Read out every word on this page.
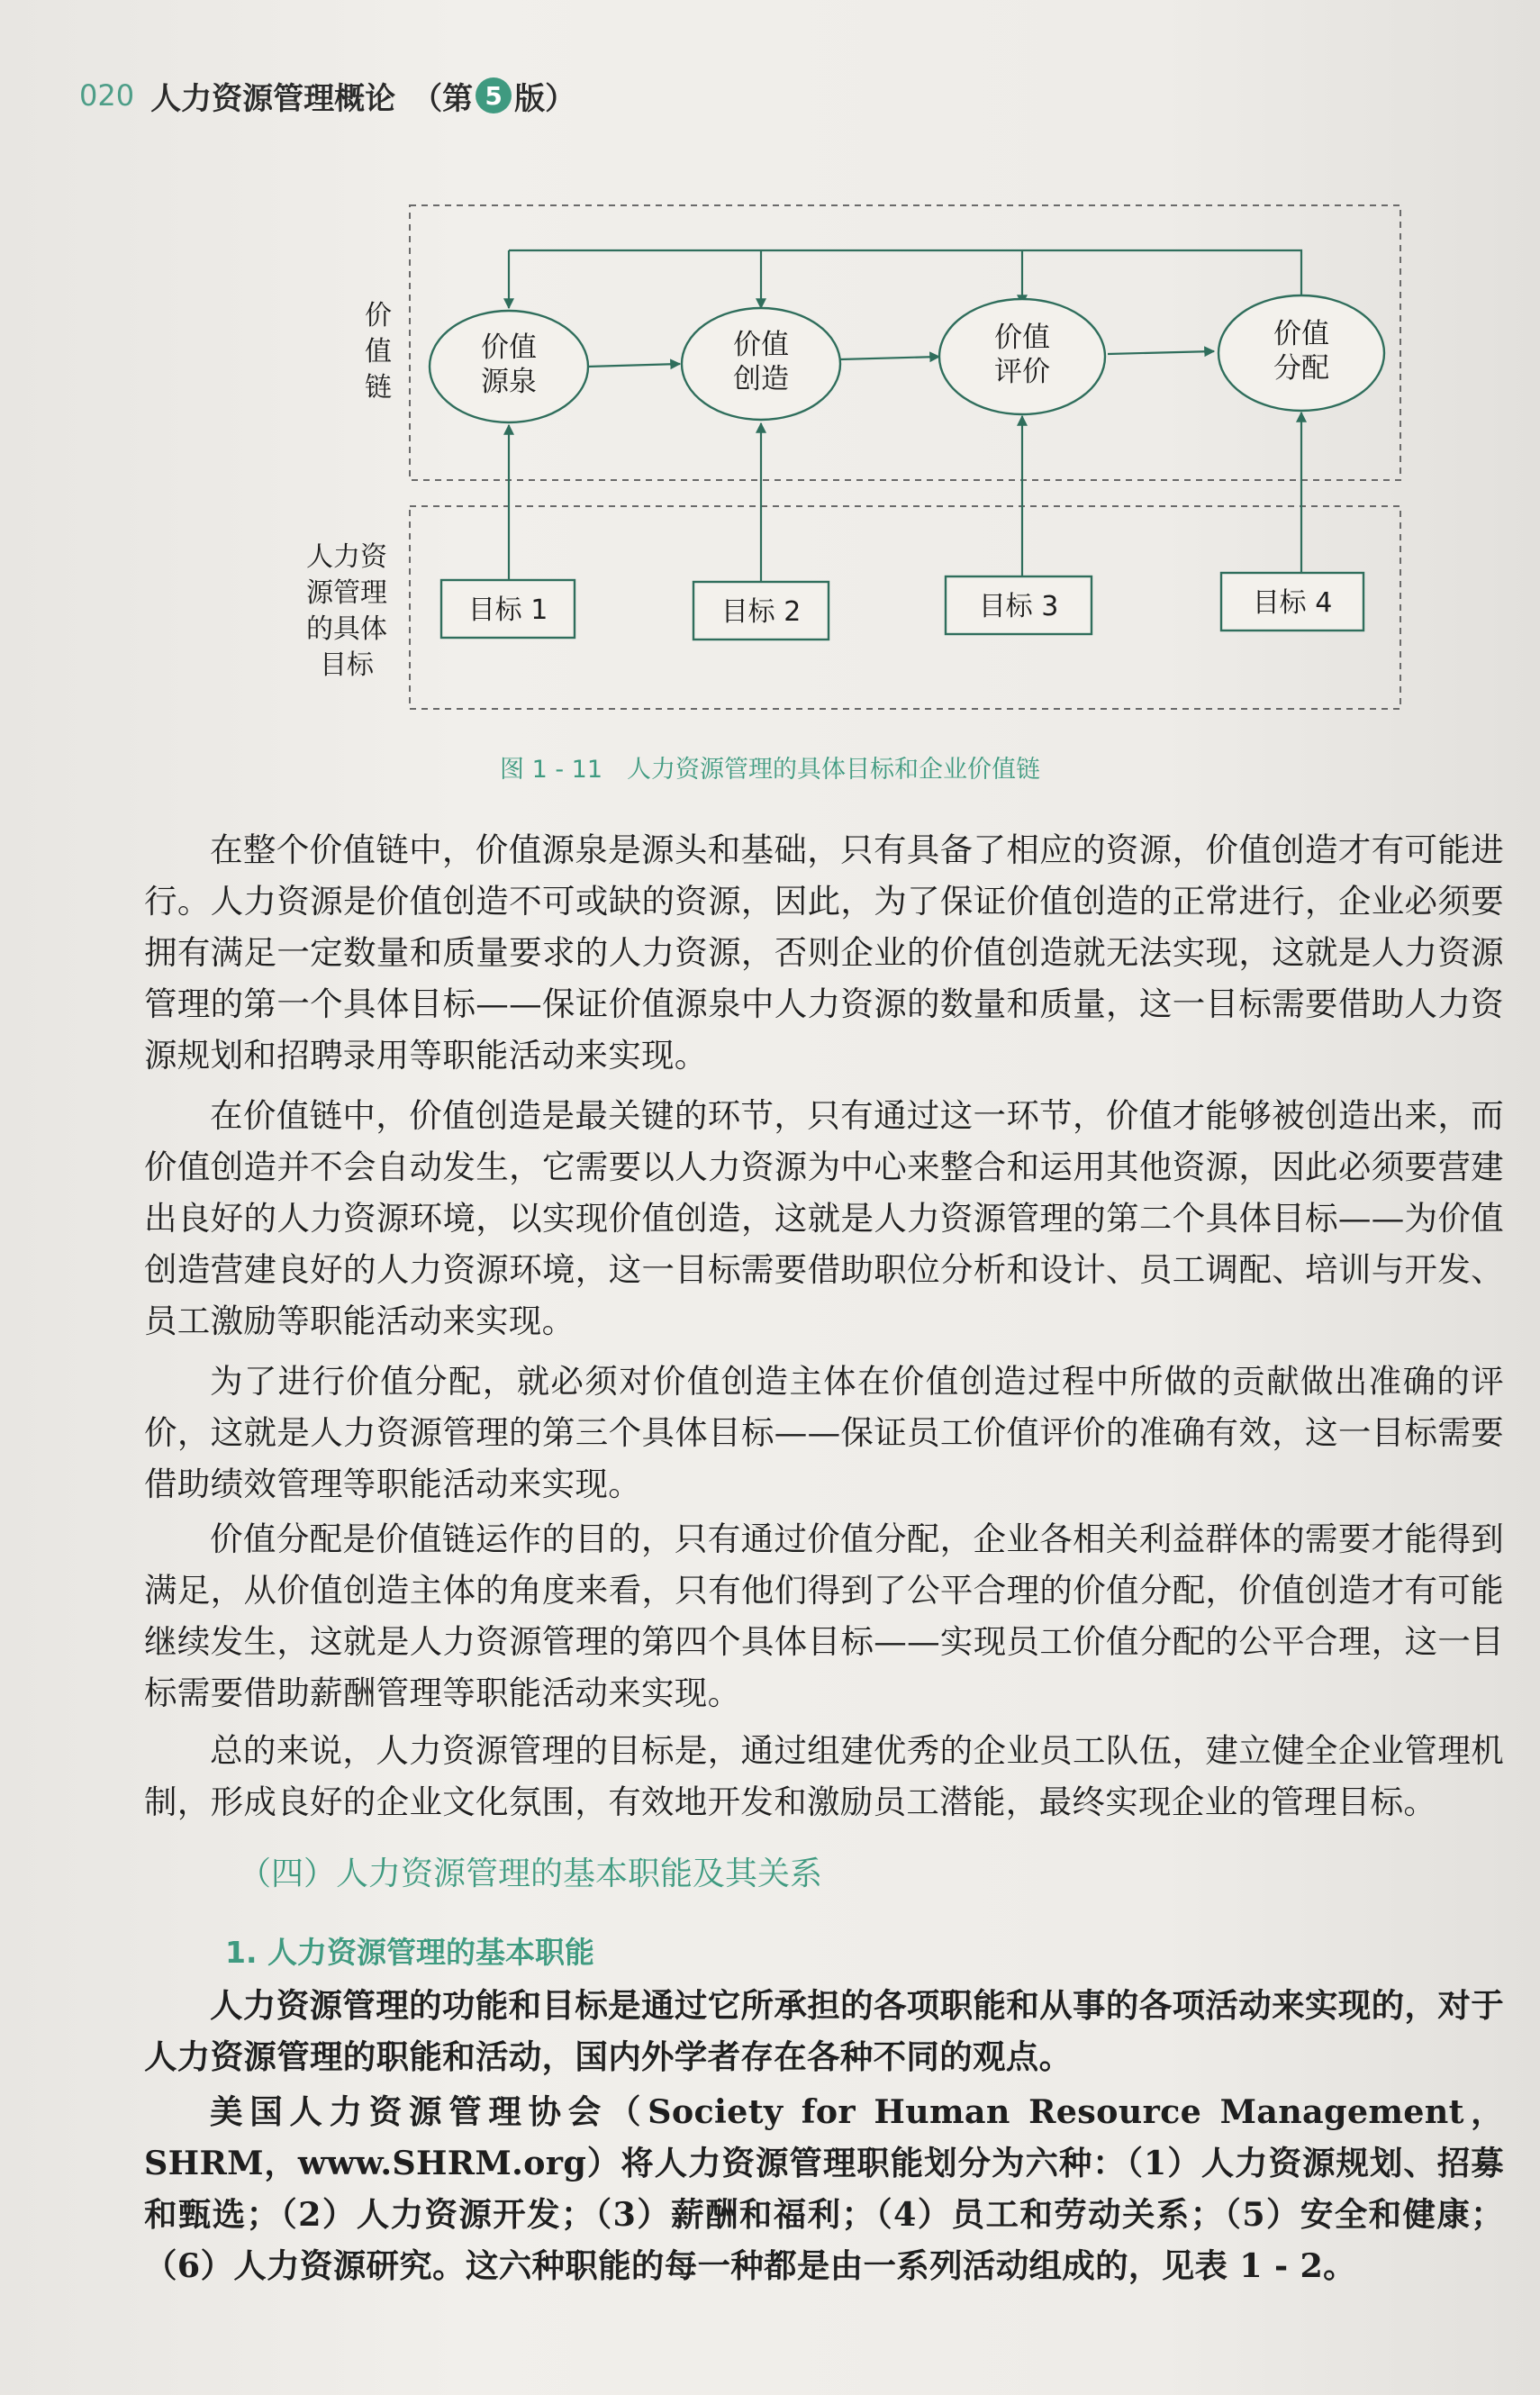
020 人力资源管理概论 （第 5 版）
价
值
链
人力资
源管理
的具体
目标
价值
源泉
价值
创造
价值
评价
价值
分配
目标 1	目标 2	目标 3	目标 4
图 1 - 11　人力资源管理的具体目标和企业价值链

在整个价值链中，价值源泉是源头和基础，只有具备了相应的资源，价值创造才有可能进行。人力资源是价值创造不可或缺的资源，因此，为了保证价值创造的正常进行，企业必须要拥有满足一定数量和质量要求的人力资源，否则企业的价值创造就无法实现，这就是人力资源管理的第一个具体目标——保证价值源泉中人力资源的数量和质量，这一目标需要借助人力资源规划和招聘录用等职能活动来实现。

在价值链中，价值创造是最关键的环节，只有通过这一环节，价值才能够被创造出来，而价值创造并不会自动发生，它需要以人力资源为中心来整合和运用其他资源，因此必须要营建出良好的人力资源环境，以实现价值创造，这就是人力资源管理的第二个具体目标——为价值创造营建良好的人力资源环境，这一目标需要借助职位分析和设计、员工调配、培训与开发、员工激励等职能活动来实现。

为了进行价值分配，就必须对价值创造主体在价值创造过程中所做的贡献做出准确的评价，这就是人力资源管理的第三个具体目标——保证员工价值评价的准确有效，这一目标需要借助绩效管理等职能活动来实现。

价值分配是价值链运作的目的，只有通过价值分配，企业各相关利益群体的需要才能得到满足，从价值创造主体的角度来看，只有他们得到了公平合理的价值分配，价值创造才有可能继续发生，这就是人力资源管理的第四个具体目标——实现员工价值分配的公平合理，这一目标需要借助薪酬管理等职能活动来实现。

总的来说，人力资源管理的目标是，通过组建优秀的企业员工队伍，建立健全企业管理机制，形成良好的企业文化氛围，有效地开发和激励员工潜能，最终实现企业的管理目标。

（四）人力资源管理的基本职能及其关系
1. 人力资源管理的基本职能

人力资源管理的功能和目标是通过它所承担的各项职能和从事的各项活动来实现的，对于人力资源管理的职能和活动，国内外学者存在各种不同的观点。

美国人力资源管理协会（Society for Human Resource Management，SHRM，www.SHRM.org）将人力资源管理职能划分为六种：（1）人力资源规划、招募和甄选；（2）人力资源开发；（3）薪酬和福利；（4）员工和劳动关系；（5）安全和健康；（6）人力资源研究。这六种职能的每一种都是由一系列活动组成的，见表 1 - 2。
